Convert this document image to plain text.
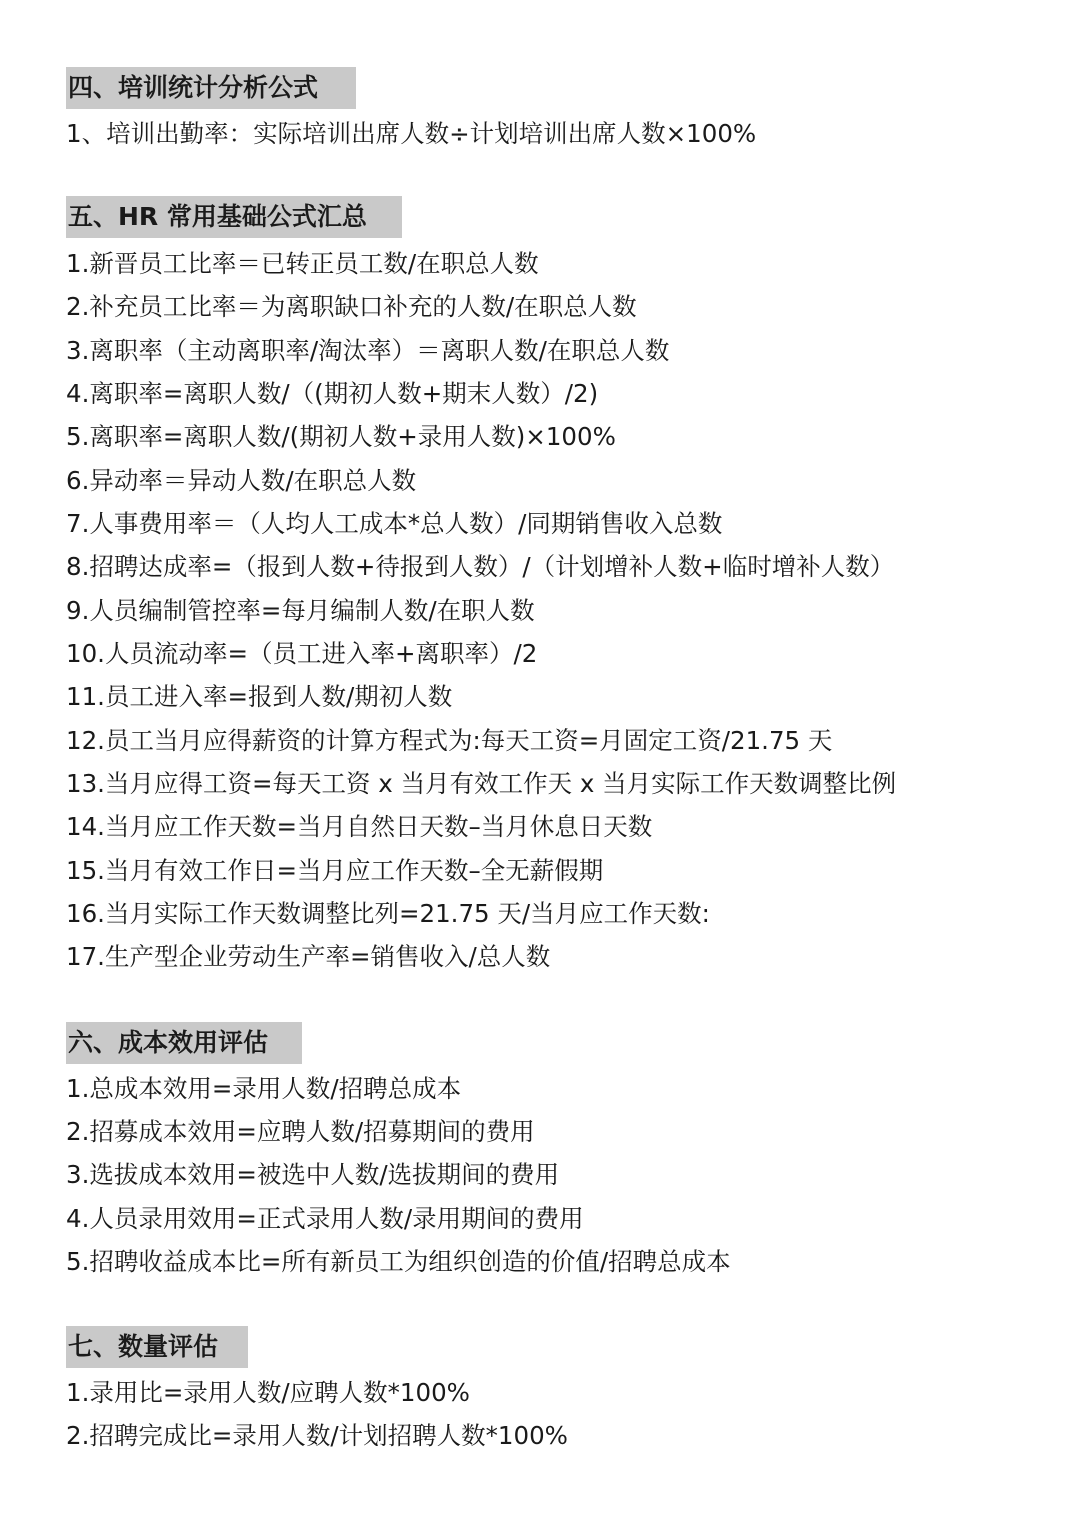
四、培训统计分析公式
1、培训出勤率：实际培训出席人数÷计划培训出席人数×100%
五、HR 常用基础公式汇总
1.新晋员工比率＝已转正员工数/在职总人数
2.补充员工比率＝为离职缺口补充的人数/在职总人数
3.离职率（主动离职率/淘汰率）＝离职人数/在职总人数
4.离职率=离职人数/（(期初人数+期末人数）/2)
5.离职率=离职人数/(期初人数+录用人数)×100%
6.异动率＝异动人数/在职总人数
7.人事费用率＝（人均人工成本*总人数）/同期销售收入总数
8.招聘达成率=（报到人数+待报到人数）/（计划增补人数+临时增补人数）
9.人员编制管控率=每月编制人数/在职人数
10.人员流动率=（员工进入率+离职率）/2
11.员工进入率=报到人数/期初人数
12.员工当月应得薪资的计算方程式为:每天工资=月固定工资/21.75 天
13.当月应得工资=每天工资 x 当月有效工作天 x 当月实际工作天数调整比例
14.当月应工作天数=当月自然日天数–当月休息日天数
15.当月有效工作日=当月应工作天数–全无薪假期
16.当月实际工作天数调整比列=21.75 天/当月应工作天数:
17.生产型企业劳动生产率=销售收入/总人数
六、成本效用评估
1.总成本效用=录用人数/招聘总成本
2.招募成本效用=应聘人数/招募期间的费用
3.选拔成本效用=被选中人数/选拔期间的费用
4.人员录用效用=正式录用人数/录用期间的费用
5.招聘收益成本比=所有新员工为组织创造的价值/招聘总成本
七、数量评估
1.录用比=录用人数/应聘人数*100%
2.招聘完成比=录用人数/计划招聘人数*100%
